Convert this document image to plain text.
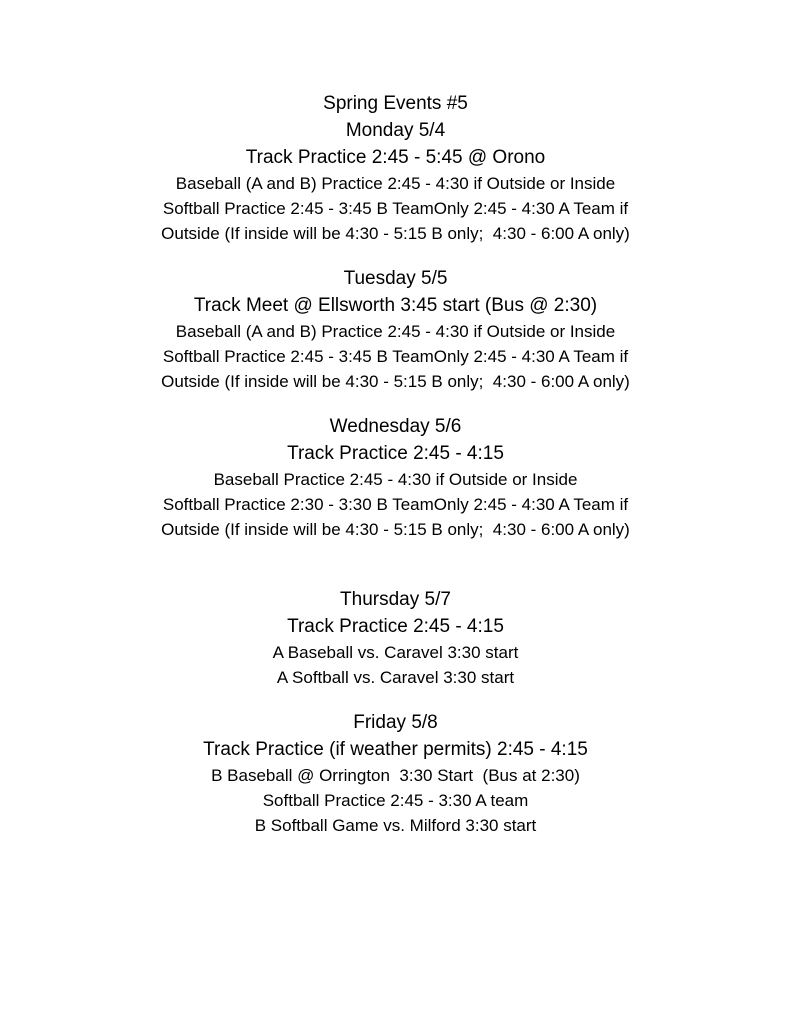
Spring Events #5
Monday 5/4
Track Practice 2:45 - 5:45 @ Orono
Baseball (A and B) Practice 2:45 - 4:30 if Outside or Inside
Softball Practice 2:45 - 3:45 B TeamOnly 2:45 - 4:30 A Team if
Outside (If inside will be 4:30 - 5:15 B only;  4:30 - 6:00 A only)
Tuesday 5/5
Track Meet @ Ellsworth 3:45 start (Bus @ 2:30)
Baseball (A and B) Practice 2:45 - 4:30 if Outside or Inside
Softball Practice 2:45 - 3:45 B TeamOnly 2:45 - 4:30 A Team if
Outside (If inside will be 4:30 - 5:15 B only;  4:30 - 6:00 A only)
Wednesday 5/6
Track Practice 2:45 - 4:15
Baseball Practice 2:45 - 4:30 if Outside or Inside
Softball Practice 2:30 - 3:30 B TeamOnly 2:45 - 4:30 A Team if
Outside (If inside will be 4:30 - 5:15 B only;  4:30 - 6:00 A only)
Thursday 5/7
Track Practice 2:45 - 4:15
A Baseball vs. Caravel 3:30 start
A Softball vs. Caravel 3:30 start
Friday 5/8
Track Practice (if weather permits) 2:45 - 4:15
B Baseball @ Orrington  3:30 Start  (Bus at 2:30)
Softball Practice 2:45 - 3:30 A team
B Softball Game vs. Milford 3:30 start
